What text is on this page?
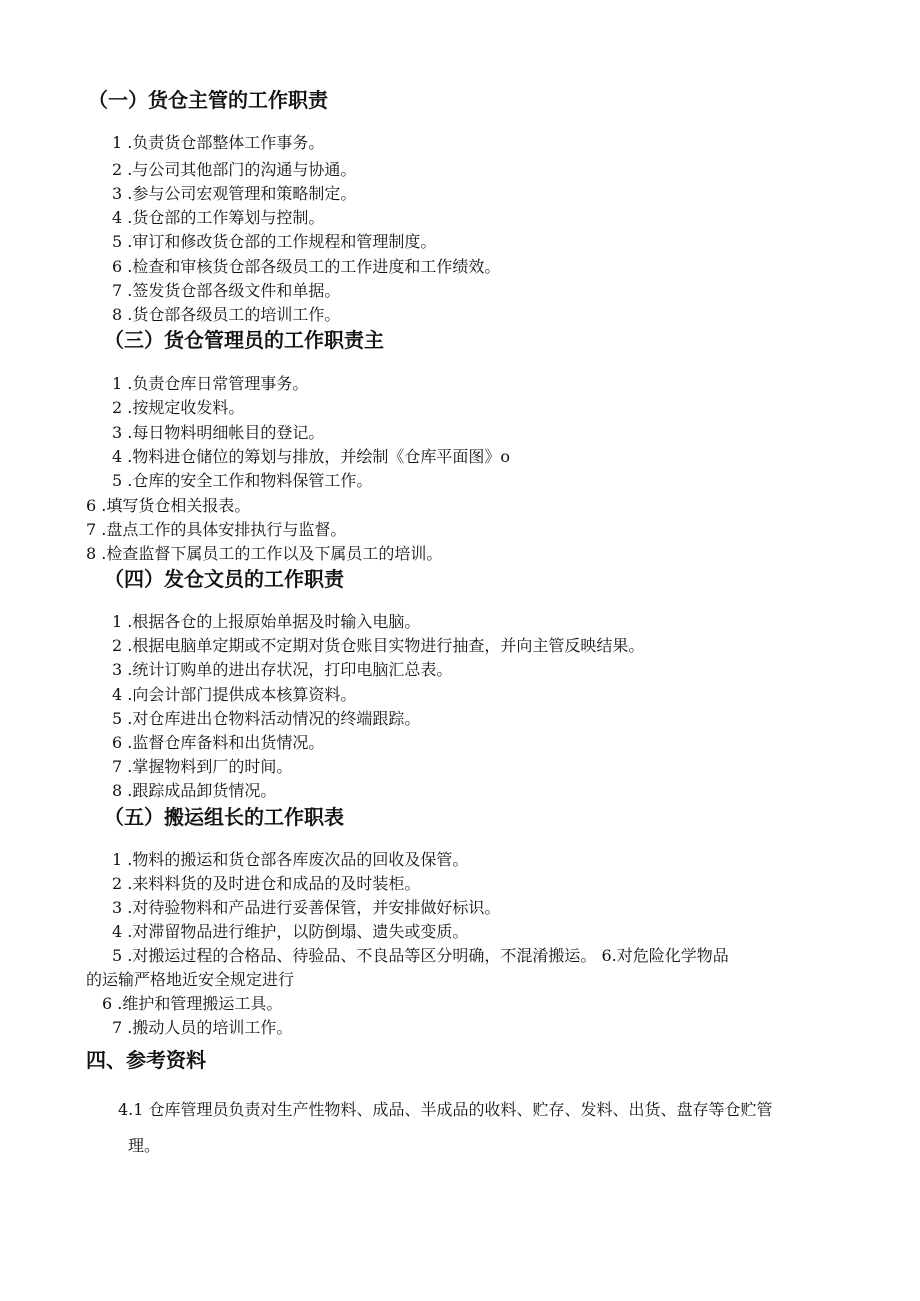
（一）货仓主管的工作职责
1 .负责货仓部整体工作事务。
2 .与公司其他部门的沟通与协通。
3 .参与公司宏观管理和策略制定。
4 .货仓部的工作筹划与控制。
5 .审订和修改货仓部的工作规程和管理制度。
6 .检查和审核货仓部各级员工的工作进度和工作绩效。
7 .签发货仓部各级文件和单据。
8 .货仓部各级员工的培训工作。
（三）货仓管理员的工作职责主
1 .负责仓库日常管理事务。
2 .按规定收发料。
3 .每日物料明细帐目的登记。
4 .物料进仓储位的筹划与排放，并绘制《仓库平面图》o
5 .仓库的安全工作和物料保管工作。
6 .填写货仓相关报表。
7 .盘点工作的具体安排执行与监督。
8 .检查监督下属员工的工作以及下属员工的培训。
（四）发仓文员的工作职责
1 .根据各仓的上报原始单据及时输入电脑。
2 .根据电脑单定期或不定期对货仓账目实物进行抽查，并向主管反映结果。
3 .统计订购单的进出存状况，打印电脑汇总表。
4 .向会计部门提供成本核算资料。
5 .对仓库进出仓物料活动情况的终端跟踪。
6 .监督仓库备料和出货情况。
7 .掌握物料到厂的时间。
8 .跟踪成品卸货情况。
（五）搬运组长的工作职表
1 .物料的搬运和货仓部各库废次品的回收及保管。
2 .来料料货的及时进仓和成品的及时装柜。
3 .对待验物料和产品进行妥善保管，并安排做好标识。
4 .对滞留物品进行维护，以防倒塌、遗失或变质。
5 .对搬运过程的合格品、待验品、不良品等区分明确，不混淆搬运。 6.对危险化学物品
的运输严格地近安全规定进行
6 .维护和管理搬运工具。
7 .搬动人员的培训工作。
四、参考资料
4.1 仓库管理员负责对生产性物料、成品、半成品的收料、贮存、发料、出货、盘存等仓贮管
理。
